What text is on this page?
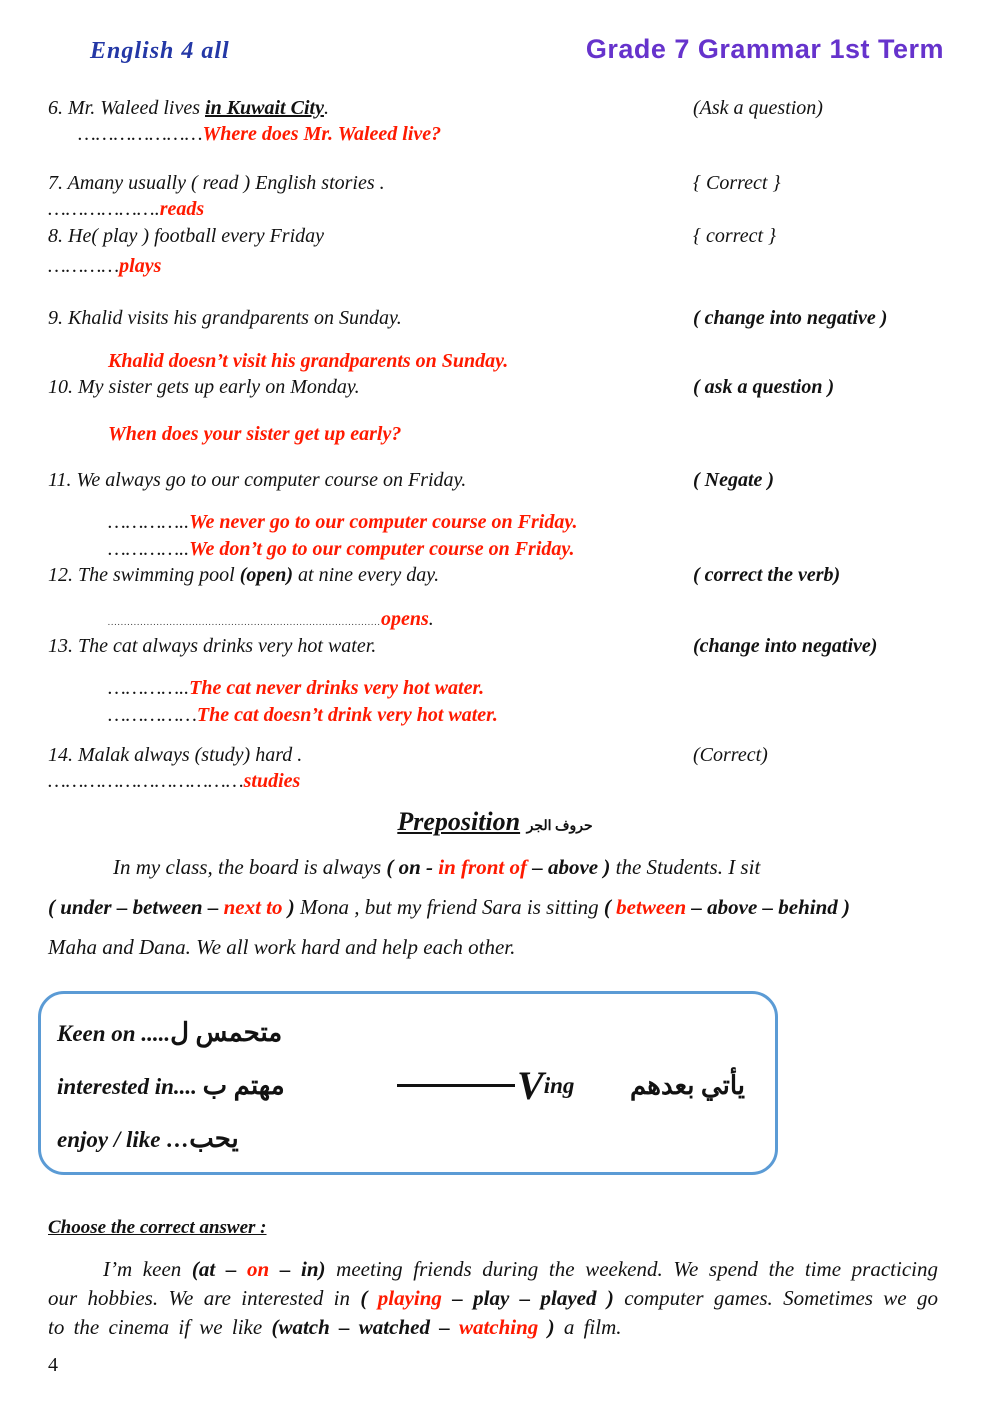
English 4 all	Grade 7 Grammar 1st Term
6. Mr. Waleed lives in Kuwait City.	(Ask a question)
………………… Where does Mr. Waleed live?
7. Amany usually ( read ) English stories .	{ Correct }
………………. reads
8. He( play ) football every Friday	{ correct }
………… plays
9. Khalid visits his grandparents on Sunday.	( change into negative )
Khalid doesn’t visit his grandparents on Sunday.
10. My sister gets up early on Monday.	( ask a question )
When does your sister get up early?
11. We always go to our computer course on Friday.	( Negate )
………….. We never go to our computer course on Friday.
………….. We don’t go to our computer course on Friday.
12. The swimming pool (open) at nine every day.	( correct the verb)
.................................................................................... opens .
13. The cat always drinks very hot water.	(change into negative)
………….. The cat never drinks very hot water.
…………… The cat doesn’t drink very hot water.
14. Malak always (study) hard .	(Correct)
…………………………… studies
Preposition حروف الجر
In my class, the board is always ( on - in front of – above ) the Students. I sit
( under – between – next to ) Mona , but my friend Sara is sitting ( between – above – behind )
Maha and Dana. We all work hard and help each other.
Keen on .....متحمس ل
interested in.... مهتم ب	V ing يأتي بعدهم
enjoy / like …يحب
Choose the correct answer :

I’m keen (at – on – in) meeting friends during the weekend. We spend the time practicing our hobbies. We are interested in ( playing – play – played ) computer games. Sometimes we go to the cinema if we like (watch – watched – watching ) a film.

4
